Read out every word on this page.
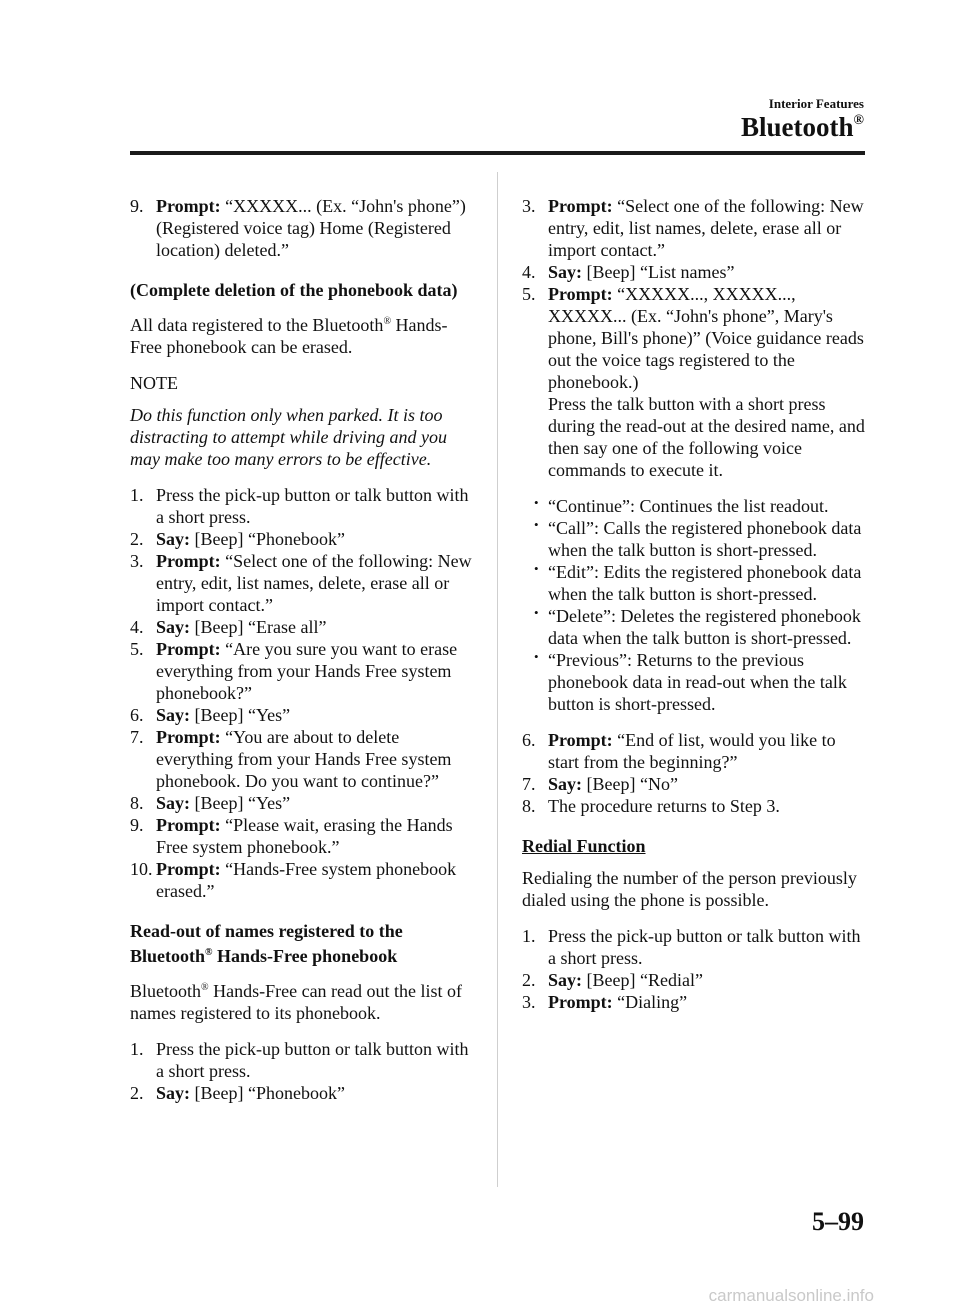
Interior Features
Bluetooth®

9. Prompt: “XXXXX... (Ex. “John's phone”) (Registered voice tag) Home (Registered location) deleted.”

(Complete deletion of the phonebook data)

All data registered to the Bluetooth® Hands-Free phonebook can be erased.

NOTE

Do this function only when parked. It is too distracting to attempt while driving and you may make too many errors to be effective.

1. Press the pick-up button or talk button with a short press.

2. Say: [Beep] “Phonebook”

3. Prompt: “Select one of the following: New entry, edit, list names, delete, erase all or import contact.”

4. Say: [Beep] “Erase all”

5. Prompt: “Are you sure you want to erase everything from your Hands Free system phonebook?”

6. Say: [Beep] “Yes”

7. Prompt: “You are about to delete everything from your Hands Free system phonebook. Do you want to continue?”

8. Say: [Beep] “Yes”

9. Prompt: “Please wait, erasing the Hands Free system phonebook.”

10. Prompt: “Hands-Free system phonebook erased.”

Read-out of names registered to the Bluetooth® Hands-Free phonebook

Bluetooth® Hands-Free can read out the list of names registered to its phonebook.

1. Press the pick-up button or talk button with a short press.

2. Say: [Beep] “Phonebook”

3. Prompt: “Select one of the following: New entry, edit, list names, delete, erase all or import contact.”

4. Say: [Beep] “List names”

5. Prompt: “XXXXX..., XXXXX..., XXXXX... (Ex. “John's phone”, Mary's phone, Bill's phone)” (Voice guidance reads out the voice tags registered to the phonebook.)

Press the talk button with a short press during the read-out at the desired name, and then say one of the following voice commands to execute it.

• “Continue”: Continues the list readout.

• “Call”: Calls the registered phonebook data when the talk button is short-pressed.

• “Edit”: Edits the registered phonebook data when the talk button is short-pressed.

• “Delete”: Deletes the registered phonebook data when the talk button is short-pressed.

• “Previous”: Returns to the previous phonebook data in read-out when the talk button is short-pressed.

6. Prompt: “End of list, would you like to start from the beginning?”

7. Say: [Beep] “No”

8. The procedure returns to Step 3.

Redial Function

Redialing the number of the person previously dialed using the phone is possible.

1. Press the pick-up button or talk button with a short press.

2. Say: [Beep] “Redial”

3. Prompt: “Dialing”

5–99
carmanualsonline.info
